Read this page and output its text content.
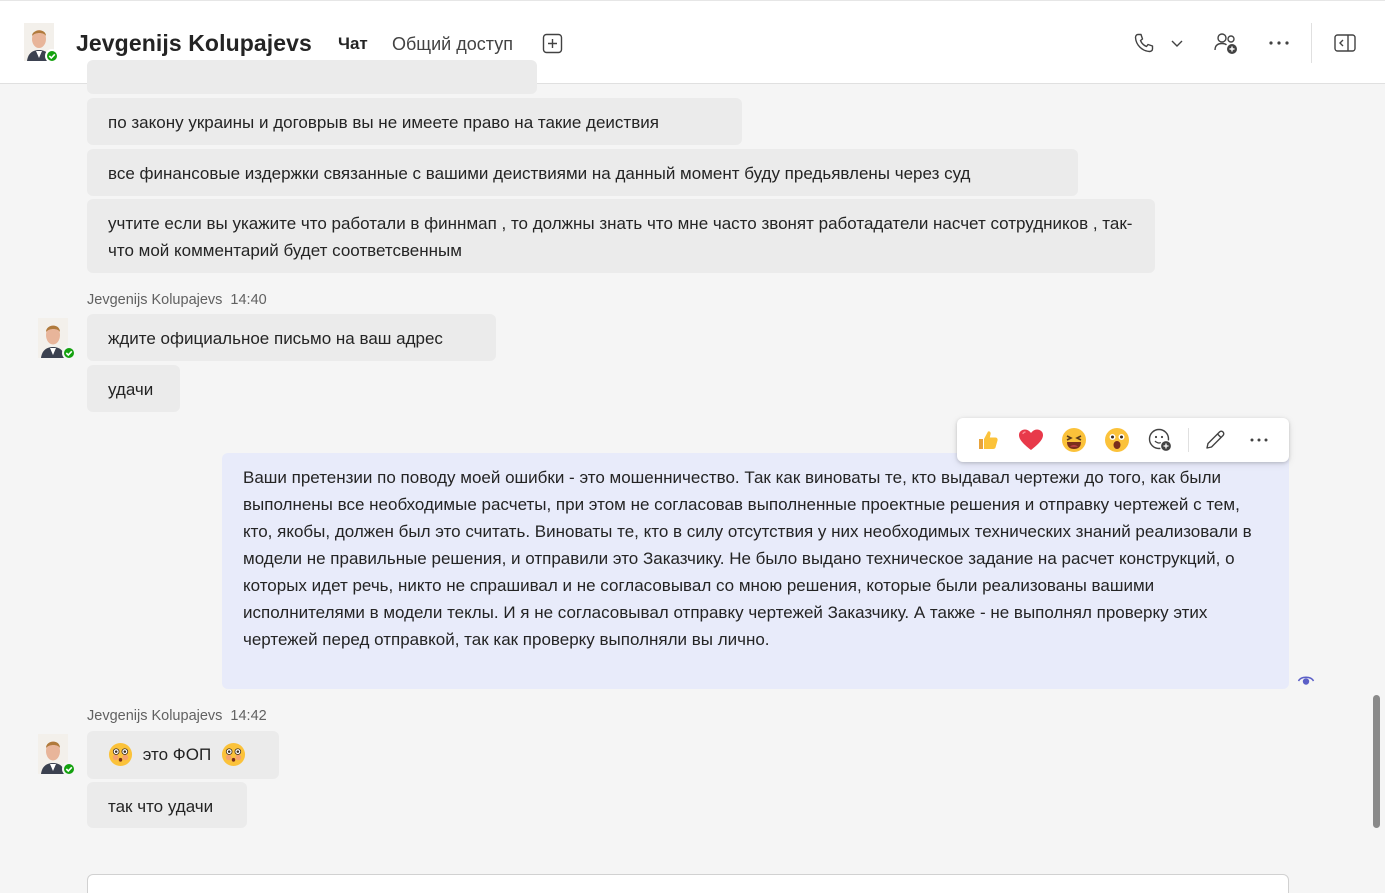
Jevgenijs Kolupajevs Чат Общий доступ
по закону украины и договрыв вы не имеете право на такие деиствия
все финансовые издержки связанные с вашими деиствиями на данный момент буду предьявлены через суд
учтите если вы укажите что работали в финнмап , то должны знать что мне часто звонят работадатели насчет сотрудников , так- что мой комментарий будет соответсвенным
Jevgenijs Kolupajevs 14:40
ждите официальное письмо на ваш адрес
удачи
Ваши претензии по поводу моей ошибки - это мошенничество. Так как виноваты те, кто выдавал чертежи до того, как были выполнены все необходимые расчеты, при этом не согласовав выполненные проектные решения и отправку чертежей с тем, кто, якобы, должен был это считать. Виноваты те, кто в силу отсутствия у них необходимых технических знаний реализовали в модели не правильные решения, и отправили это Заказчику. Не было выдано техническое задание на расчет конструкций, о которых идет речь, никто не спрашивал и не согласовывал со мною решения, которые были реализованы вашими исполнителями в модели теклы. И я не согласовывал отправку чертежей Заказчику. А также - не выполнял проверку этих чертежей перед отправкой, так как проверку выполняли вы лично.
Jevgenijs Kolupajevs 14:42
это ФОП
так что удачи
